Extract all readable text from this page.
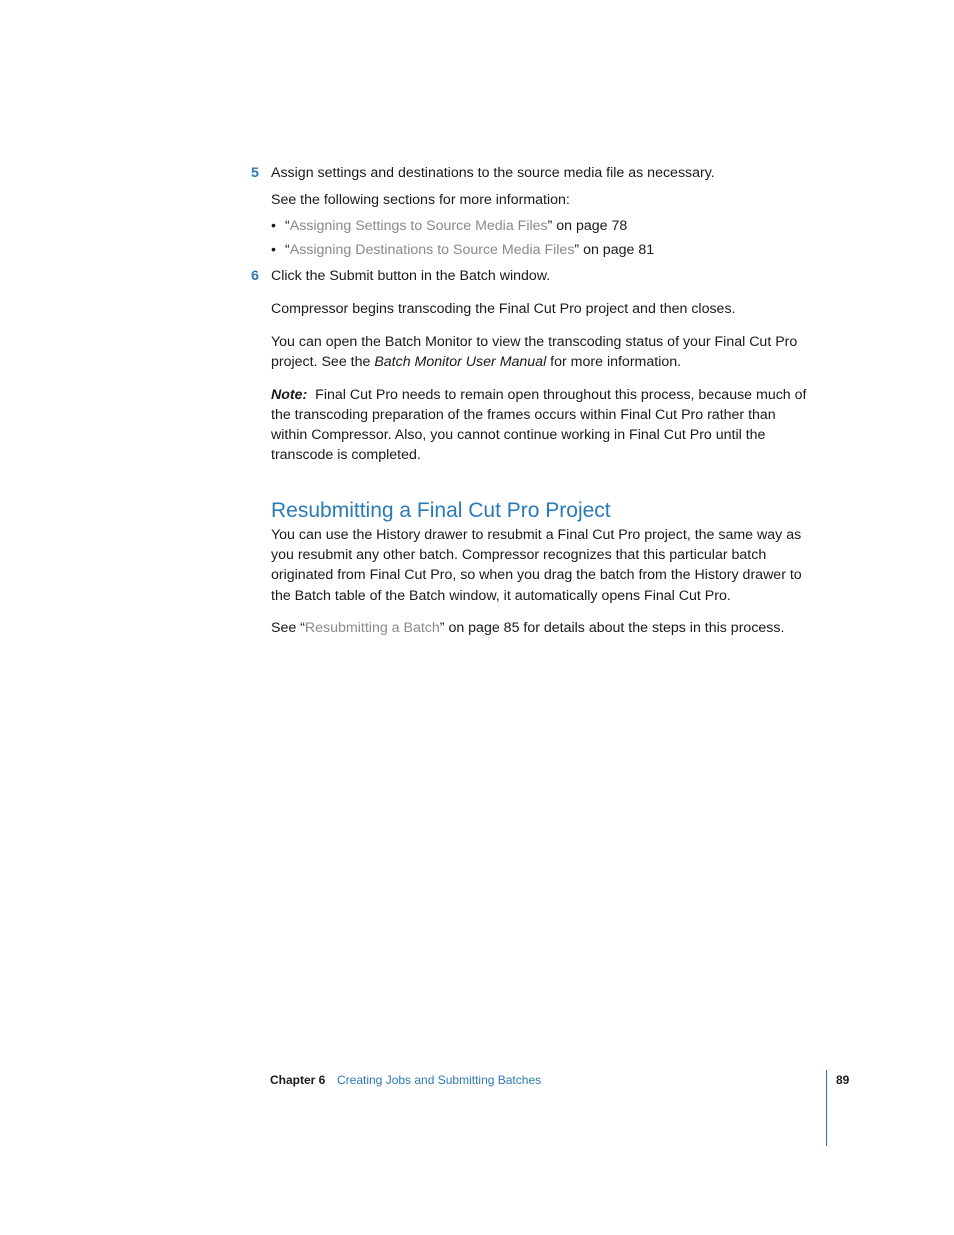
5 Assign settings and destinations to the source media file as necessary.

See the following sections for more information:

• “Assigning Settings to Source Media Files” on page 78

• “Assigning Destinations to Source Media Files” on page 81

6 Click the Submit button in the Batch window.

Compressor begins transcoding the Final Cut Pro project and then closes.

You can open the Batch Monitor to view the transcoding status of your Final Cut Pro

project. See the Batch Monitor User Manual for more information.

Note:  Final Cut Pro needs to remain open throughout this process, because much of

the transcoding preparation of the frames occurs within Final Cut Pro rather than

within Compressor. Also, you cannot continue working in Final Cut Pro until the

transcode is completed.

Resubmitting a Final Cut Pro Project

You can use the History drawer to resubmit a Final Cut Pro project, the same way as

you resubmit any other batch. Compressor recognizes that this particular batch

originated from Final Cut Pro, so when you drag the batch from the History drawer to

the Batch table of the Batch window, it automatically opens Final Cut Pro.

See “Resubmitting a Batch” on page 85 for details about the steps in this process.

Chapter 6 Creating Jobs and Submitting Batches	89
